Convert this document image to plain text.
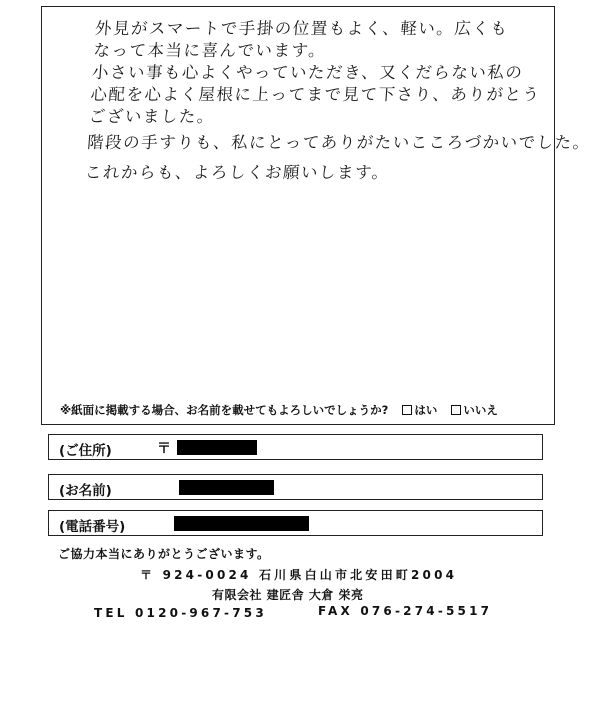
外見がスマートで手掛の位置もよく、軽い。広くも
なって本当に喜んでいます。
小さい事も心よくやっていただき、又くだらない私の
心配を心よく屋根に上ってまで見て下さり、ありがとう
ございました。
階段の手すりも、私にとってありがたいこころづかいでした。
これからも、よろしくお願いします。
※紙面に掲載する場合、お名前を載せてもよろしいでしょうか? はい いいえ
(ご住所)	〒
(お名前)
(電話番号)
ご協力本当にありがとうございます。
〒 924-0024 石川県白山市北安田町2004
有限会社 建匠舎 大倉 栄亮
TEL 0120-967-753	FAX 076-274-5517
